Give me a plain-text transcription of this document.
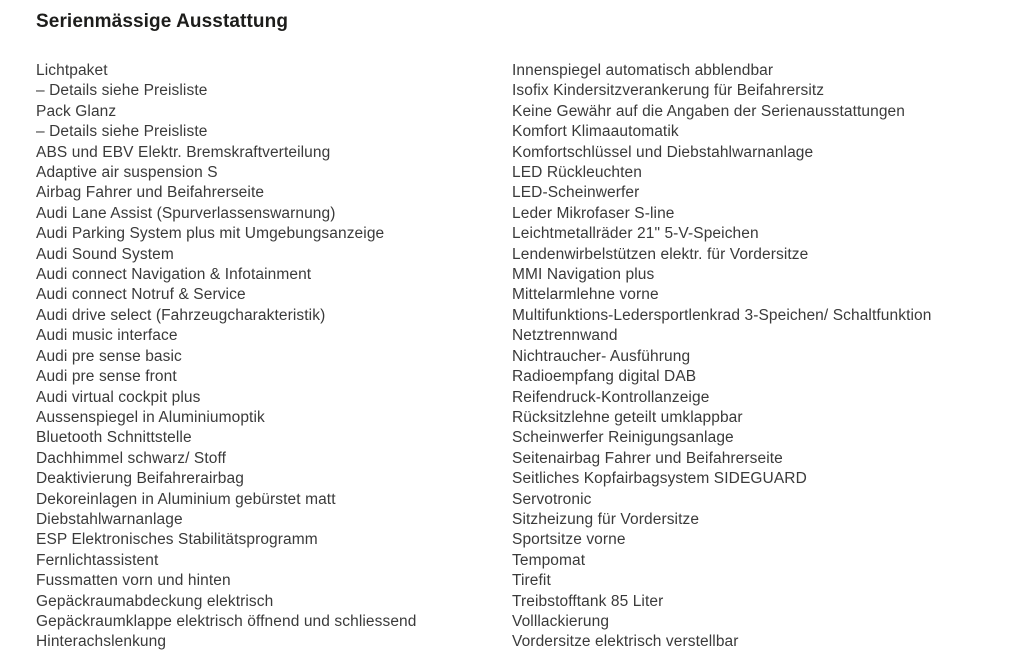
Serienmässige Ausstattung
Lichtpaket
– Details siehe Preisliste
Pack Glanz
– Details siehe Preisliste
ABS und EBV Elektr. Bremskraftverteilung
Adaptive air suspension S
Airbag Fahrer und Beifahrerseite
Audi Lane Assist (Spurverlassenswarnung)
Audi Parking System plus mit Umgebungsanzeige
Audi Sound System
Audi connect Navigation & Infotainment
Audi connect Notruf & Service
Audi drive select (Fahrzeugcharakteristik)
Audi music interface
Audi pre sense basic
Audi pre sense front
Audi virtual cockpit plus
Aussenspiegel in Aluminiumoptik
Bluetooth Schnittstelle
Dachhimmel schwarz/ Stoff
Deaktivierung Beifahrerairbag
Dekoreinlagen in Aluminium gebürstet matt
Diebstahlwarnanlage
ESP Elektronisches Stabilitätsprogramm
Fernlichtassistent
Fussmatten vorn und hinten
Gepäckraumabdeckung elektrisch
Gepäckraumklappe elektrisch öffnend und schliessend
Hinterachslenkung
Innenspiegel automatisch abblendbar
Isofix Kindersitzverankerung für Beifahrersitz
Keine Gewähr auf die Angaben der Serienausstattungen
Komfort Klimaautomatik
Komfortschlüssel und Diebstahlwarnanlage
LED Rückleuchten
LED-Scheinwerfer
Leder Mikrofaser S-line
Leichtmetallräder 21" 5-V-Speichen
Lendenwirbelstützen elektr. für Vordersitze
MMI Navigation plus
Mittelarmlehne vorne
Multifunktions-Ledersportlenkrad 3-Speichen/ Schaltfunktion
Netztrennwand
Nichtraucher- Ausführung
Radioempfang digital DAB
Reifendruck-Kontrollanzeige
Rücksitzlehne geteilt umklappbar
Scheinwerfer Reinigungsanlage
Seitenairbag Fahrer und Beifahrerseite
Seitliches Kopfairbagsystem SIDEGUARD
Servotronic
Sitzheizung für Vordersitze
Sportsitze vorne
Tempomat
Tirefit
Treibstofftank 85 Liter
Volllackierung
Vordersitze elektrisch verstellbar
